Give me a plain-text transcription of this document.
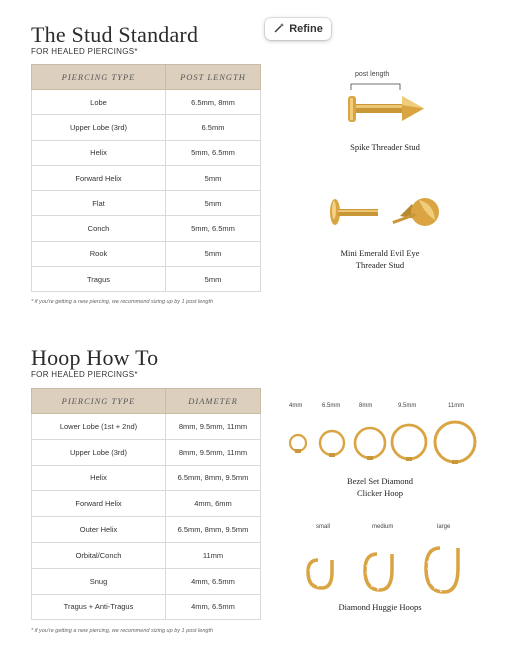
The Stud Standard
FOR HEALED PIERCINGS*
Refine
PIERCING TYPE	POST LENGTH
Lobe	6.5mm, 8mm
Upper Lobe (3rd)	6.5mm
Helix	5mm, 6.5mm
Forward Helix	5mm
Flat	5mm
Conch	5mm, 6.5mm
Rook	5mm
Tragus	5mm
* if you're getting a new piercing, we recommend sizing up by 1 post length
post length
Spike Threader Stud
Mini Emerald Evil Eye
Threader Stud
Hoop How To
FOR HEALED PIERCINGS*
PIERCING TYPE	DIAMETER
Lower Lobe (1st + 2nd)	8mm, 9.5mm, 11mm
Upper Lobe (3rd)	8mm, 9.5mm, 11mm
Helix	6.5mm, 8mm, 9.5mm
Forward Helix	4mm, 6mm
Outer Helix	6.5mm, 8mm, 9.5mm
Orbital/Conch	11mm
Snug	4mm, 6.5mm
Tragus + Anti-Tragus	4mm, 6.5mm
* if you're getting a new piercing, we recommend sizing up by 1 post length
4mm	6.5mm	8mm	9.5mm	11mm
Bezel Set Diamond
Clicker Hoop
small	medium	large
Diamond Huggie Hoops
